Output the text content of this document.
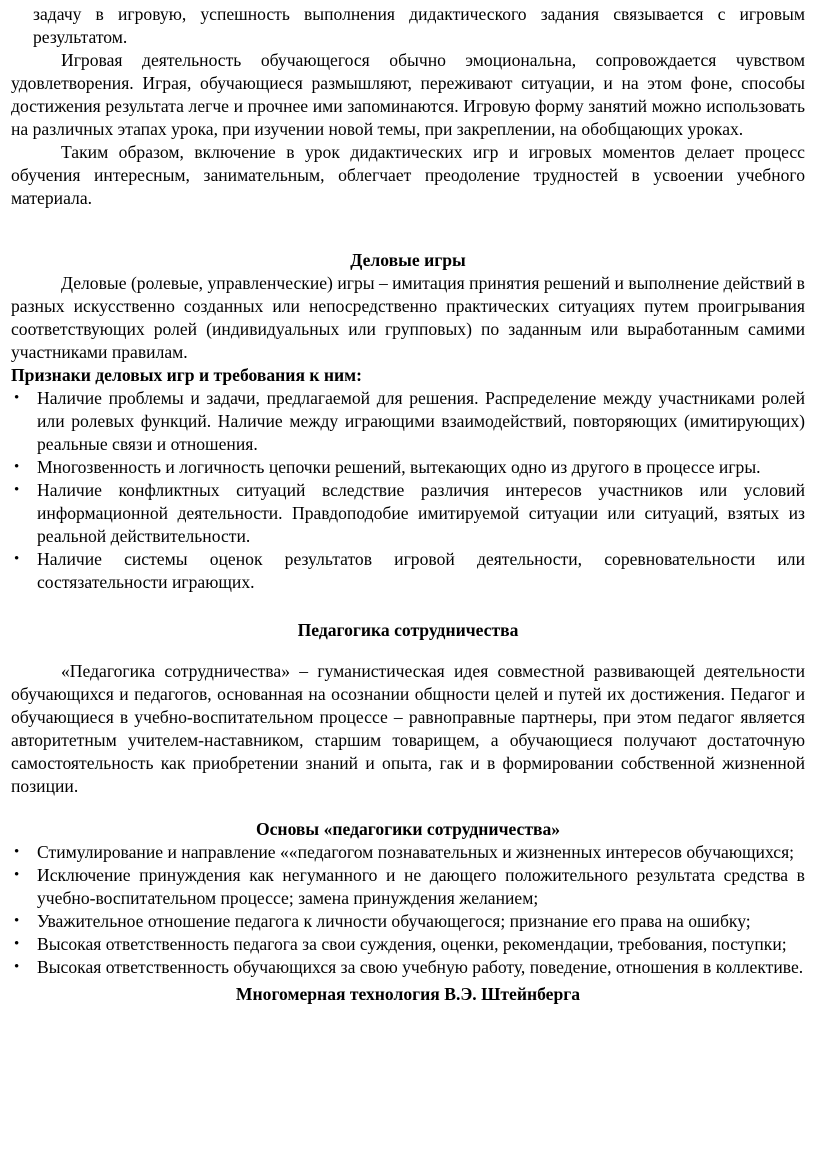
задачу в игровую, успешность выполнения дидактического задания связывается с игровым результатом.

Игровая деятельность обучающегося обычно эмоциональна, сопровождается чувством удовлетворения. Играя, обучающиеся размышляют, переживают ситуации, и на этом фоне, способы достижения результата легче и прочнее ими запоминаются. Игровую форму занятий можно использовать на различных этапах урока, при изучении новой темы, при закреплении, на обобщающих уроках.

Таким образом, включение в урок дидактических игр и игровых моментов делает процесс обучения интересным, занимательным, облегчает преодоление трудностей в усвоении учебного материала.

Деловые игры

Деловые (ролевые, управленческие) игры – имитация принятия решений и выполнение действий в разных искусственно созданных или непосредственно практических ситуациях путем проигрывания соответствующих ролей (индивидуальных или групповых) по заданным или выработанным самими участниками правилам.

Признаки деловых игр и требования к ним:

•	Наличие проблемы и задачи, предлагаемой для решения. Распределение между участниками ролей или ролевых функций. Наличие между играющими взаимодействий, повторяющих (имитирующих) реальные связи и отношения.
•	Многозвенность и логичность цепочки решений, вытекающих одно из другого в процессе игры.
•	Наличие конфликтных ситуаций вследствие различия интересов участников или условий информационной деятельности. Правдоподобие имитируемой ситуации или ситуаций, взятых из реальной действительности.
•	Наличие системы оценок результатов игровой деятельности, соревновательности или состязательности играющих.

Педагогика сотрудничества

«Педагогика сотрудничества» – гуманистическая идея совместной развивающей деятельности обучающихся и педагогов, основанная на осознании общности целей и путей их достижения. Педагог и обучающиеся в учебно-воспитательном процессе – равноправные партнеры, при этом педагог является авторитетным учителем-наставником, старшим товарищем, а обучающиеся получают достаточную самостоятельность как приобретении знаний и опыта, гак и в формировании собственной жизненной позиции.

Основы «педагогики сотрудничества»

•	Стимулирование и направление ««педагогом познавательных и жизненных интересов обучающихся;
•	Исключение принуждения как негуманного и не дающего положительного результата средства в учебно-воспитательном процессе; замена принуждения желанием;
•	Уважительное отношение педагога к личности обучающегося; признание его права на ошибку;
•	Высокая ответственность педагога за свои суждения, оценки, рекомендации, требования, поступки;
•	Высокая ответственность обучающихся за свою учебную работу, поведение, отношения в коллективе.

Многомерная технология В.Э. Штейнберга
